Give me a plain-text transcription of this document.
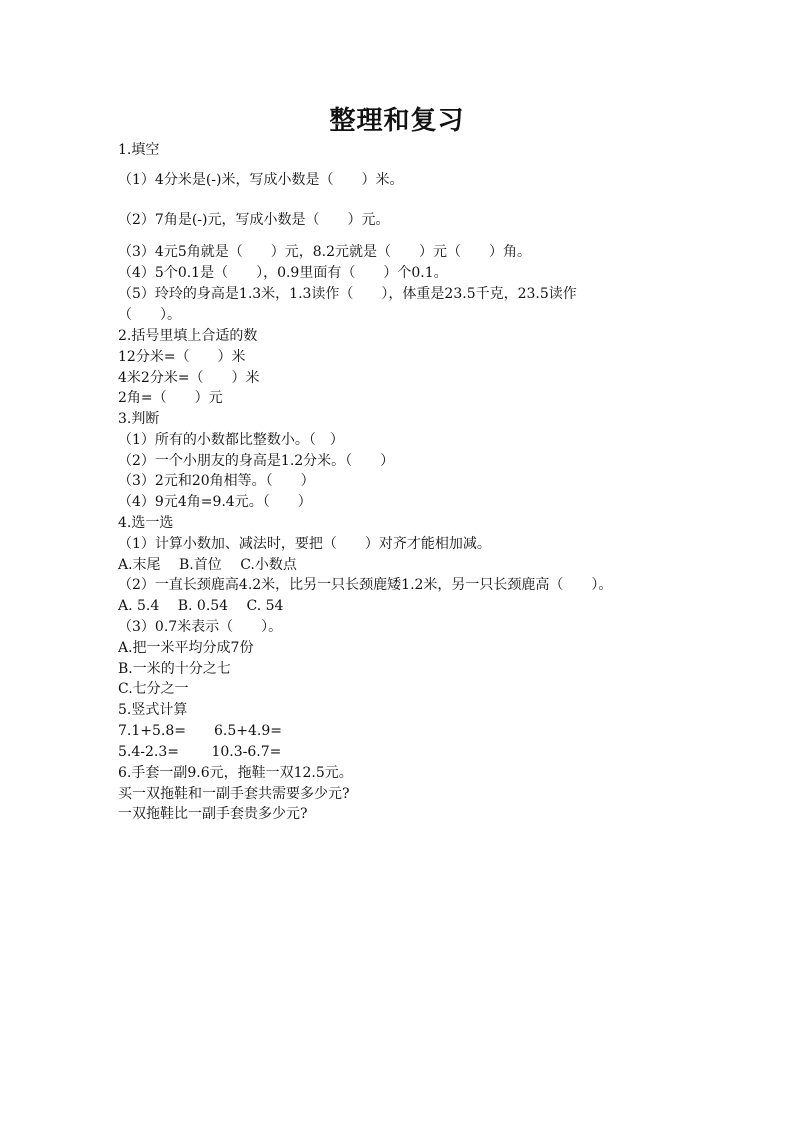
整理和复习
1.填空
（1）4分米是(-)米，写成小数是（　　）米。
（2）7角是(-)元，写成小数是（　　）元。
（3）4元5角就是（　　）元，8.2元就是（　　）元（　　）角。
（4）5个0.1是（　　），0.9里面有（　　）个0.1。
（5）玲玲的身高是1.3米，1.3读作（　　），体重是23.5千克，23.5读作
（　　）。
2.括号里填上合适的数
12分米=（　　）米
4米2分米=（　　）米
2角=（　　）元
3.判断
（1）所有的小数都比整数小。（　）
（2）一个小朋友的身高是1.2分米。（　　）
（3）2元和20角相等。（　　）
（4）9元4角=9.4元。（　　）
4.选一选
（1）计算小数加、减法时，要把（　　）对齐才能相加减。
A.末尾　 B.首位　 C.小数点
（2）一直长颈鹿高4.2米，比另一只长颈鹿矮1.2米，另一只长颈鹿高（　　）。
A. 5.4　 B. 0.54　 C. 54
（3）0.7米表示（　　）。
A.把一米平均分成7份
B.一米的十分之七
C.七分之一
5.竖式计算
7.1+5.8=　　6.5+4.9=
5.4-2.3=　　 10.3-6.7=
6.手套一副9.6元，拖鞋一双12.5元。
买一双拖鞋和一副手套共需要多少元?
一双拖鞋比一副手套贵多少元?
